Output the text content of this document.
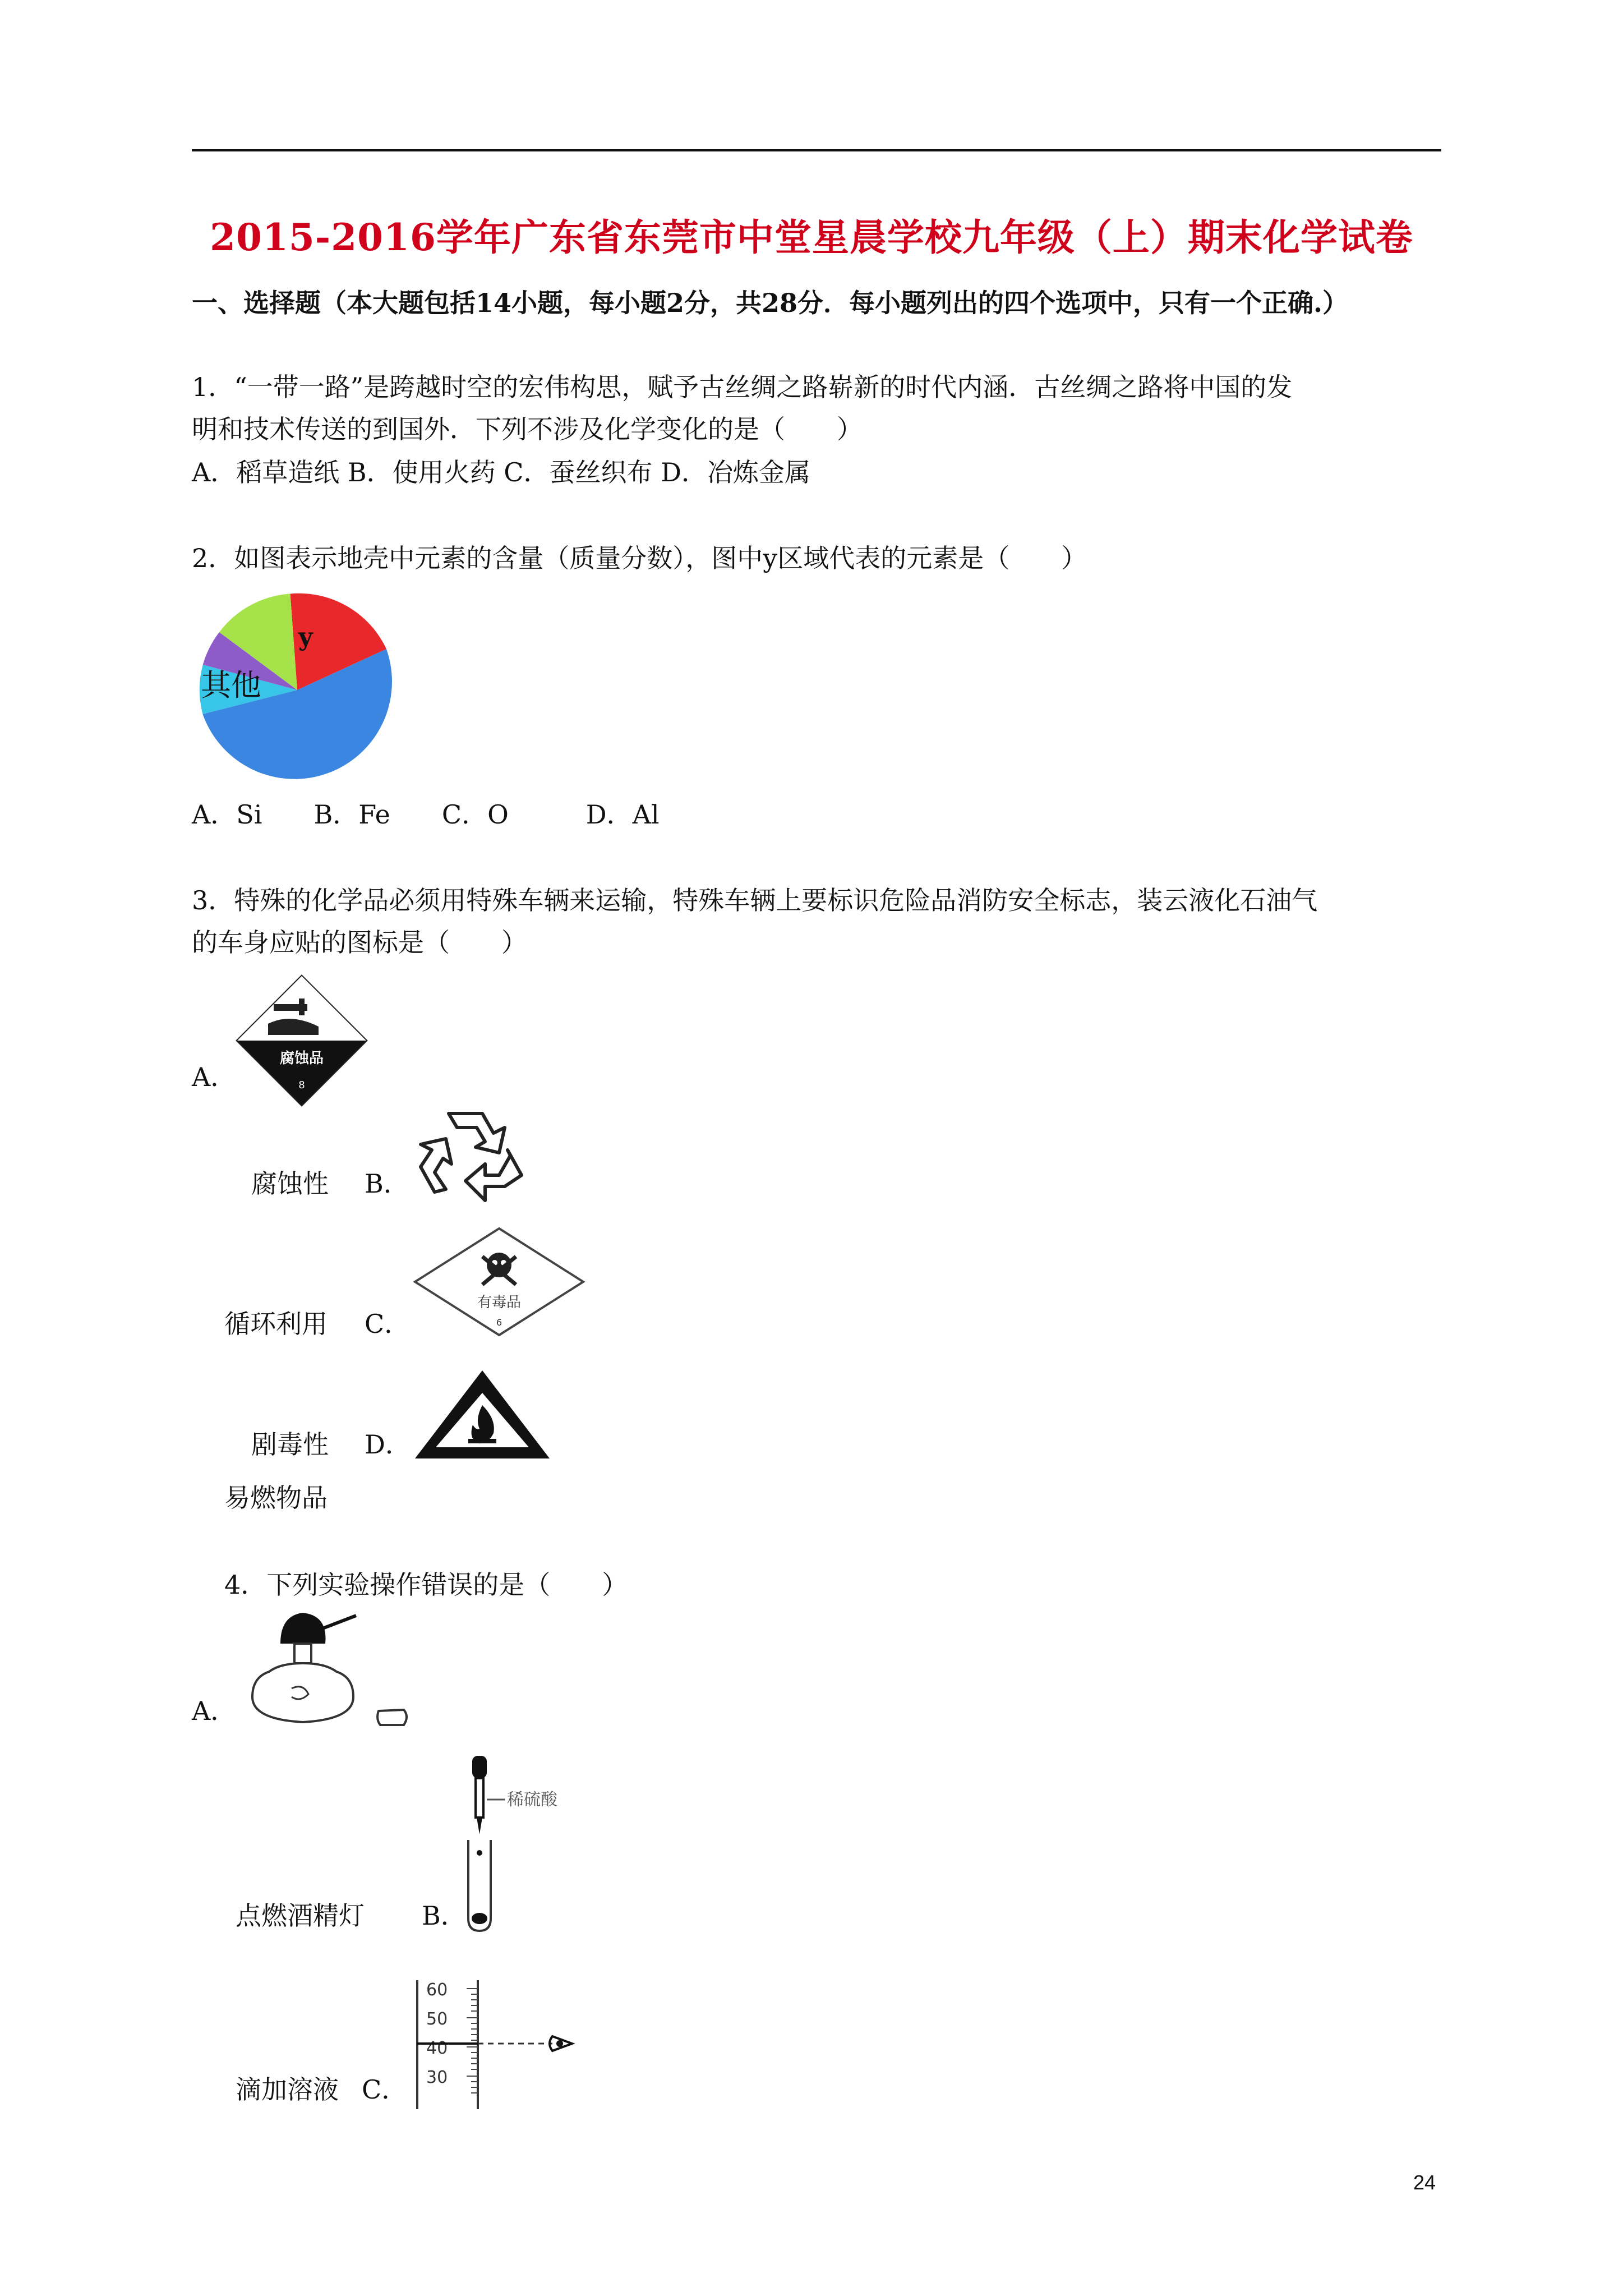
2015-2016学年广东省东莞市中堂星晨学校九年级（上）期末化学试卷
一、选择题（本大题包括14小题，每小题2分，共28分．每小题列出的四个选项中，只有一个正确.）
1．“一带一路”是跨越时空的宏伟构思，赋予古丝绸之路崭新的时代内涵．古丝绸之路将中国的发
明和技术传送的到国外．下列不涉及化学变化的是（　　）
A．稻草造纸 B．使用火药 C．蚕丝织布 D．冶炼金属
2．如图表示地壳中元素的含量（质量分数），图中y区域代表的元素是（　　）
y
其他
A．Si　　B．Fe　　C．O　　　D．Al
3．特殊的化学品必须用特殊车辆来运输，特殊车辆上要标识危险品消防安全标志，装云液化石油气
的车身应贴的图标是（　　）
A．
腐蚀品
8
腐蚀性 B．
循环利用 C．
有毒品
6
剧毒性 D．
易燃物品
4．下列实验操作错误的是（　　）
A．
稀硫酸
点燃酒精灯 B．
60
50
40
30
滴加溶液 C．
24
